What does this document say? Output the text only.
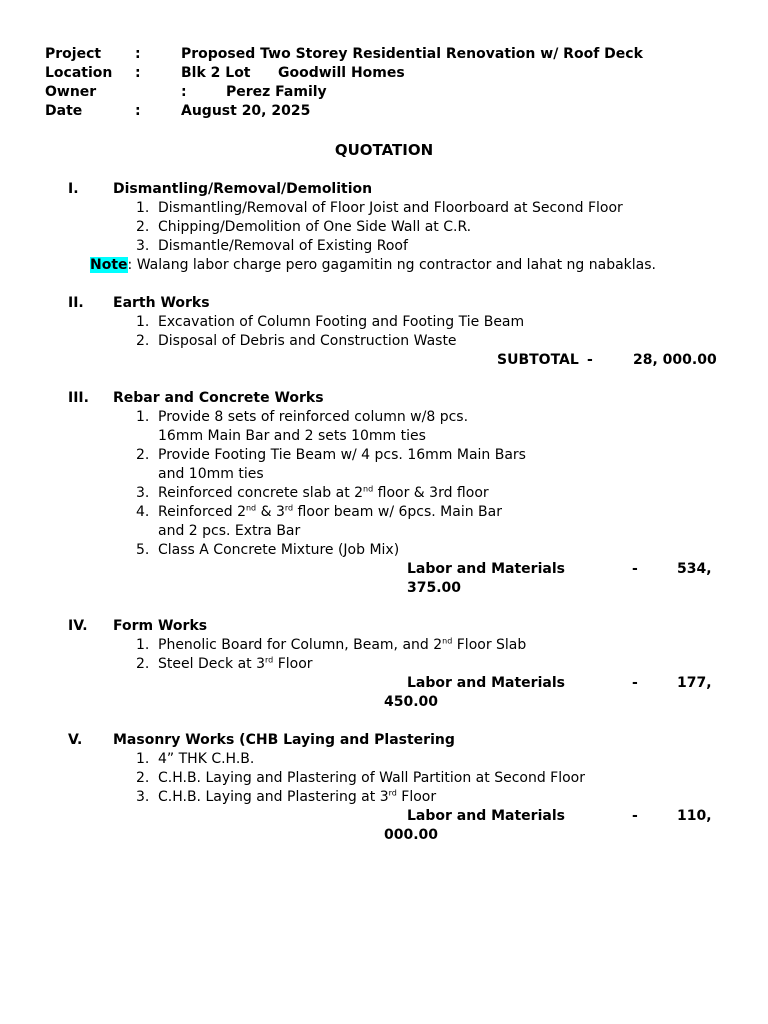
Project :	Proposed Two Storey Residential Renovation w/ Roof Deck
Location :	Blk 2 Lot Goodwill Homes
Owner	:	Perez Family
Date	:	August 20, 2025
QUOTATION
I. Dismantling/Removal/Demolition
1. Dismantling/Removal of Floor Joist and Floorboard at Second Floor
2. Chipping/Demolition of One Side Wall at C.R.
3. Dismantle/Removal of Existing Roof
Note: Walang labor charge pero gagamitin ng contractor and lahat ng nabaklas.
II. Earth Works
1. Excavation of Column Footing and Footing Tie Beam
2. Disposal of Debris and Construction Waste
SUBTOTAL -	28, 000.00
III. Rebar and Concrete Works
1. Provide 8 sets of reinforced column w/8 pcs.
16mm Main Bar and 2 sets 10mm ties
2. Provide Footing Tie Beam w/ 4 pcs. 16mm Main Bars
and 10mm ties
3. Reinforced concrete slab at 2nd floor & 3rd floor
4. Reinforced 2nd & 3rd floor beam w/ 6pcs. Main Bar
and 2 pcs. Extra Bar
5. Class A Concrete Mixture (Job Mix)
Labor and Materials	-	534,
375.00
IV. Form Works
1. Phenolic Board for Column, Beam, and 2nd Floor Slab
2. Steel Deck at 3rd Floor
Labor and Materials	-	177,
450.00
V. Masonry Works (CHB Laying and Plastering
1. 4” THK C.H.B.
2. C.H.B. Laying and Plastering of Wall Partition at Second Floor
3. C.H.B. Laying and Plastering at 3rd Floor
Labor and Materials	-	110,
000.00
